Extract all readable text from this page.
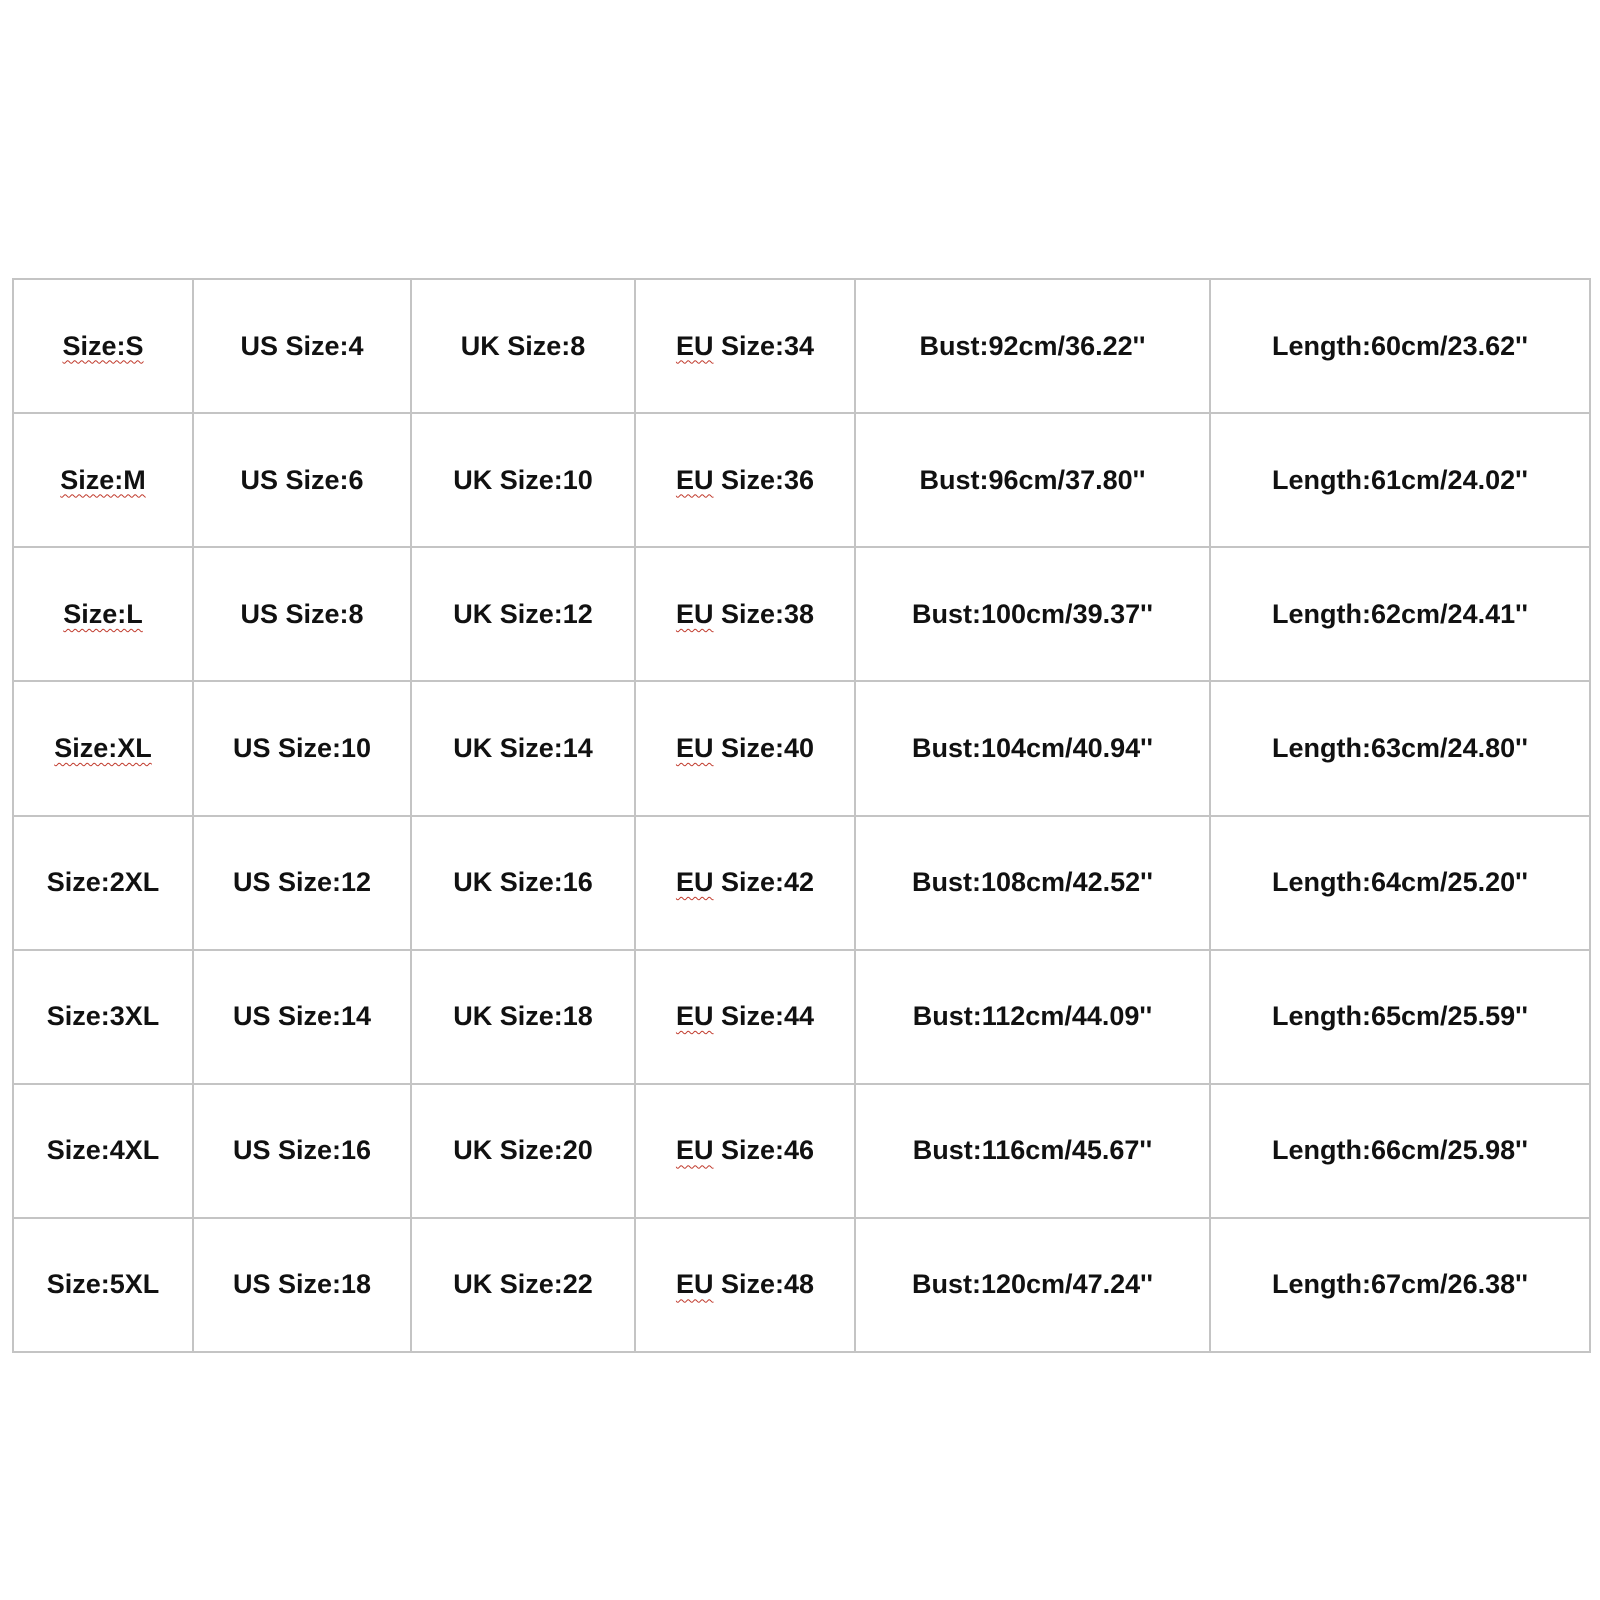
Size:S	US Size:4	UK Size:8	EU Size:34	Bust:92cm/36.22''	Length:60cm/23.62''
Size:M	US Size:6	UK Size:10	EU Size:36	Bust:96cm/37.80''	Length:61cm/24.02''
Size:L	US Size:8	UK Size:12	EU Size:38	Bust:100cm/39.37''	Length:62cm/24.41''
Size:XL	US Size:10	UK Size:14	EU Size:40	Bust:104cm/40.94''	Length:63cm/24.80''
Size:2XL	US Size:12	UK Size:16	EU Size:42	Bust:108cm/42.52''	Length:64cm/25.20''
Size:3XL	US Size:14	UK Size:18	EU Size:44	Bust:112cm/44.09''	Length:65cm/25.59''
Size:4XL	US Size:16	UK Size:20	EU Size:46	Bust:116cm/45.67''	Length:66cm/25.98''
Size:5XL	US Size:18	UK Size:22	EU Size:48	Bust:120cm/47.24''	Length:67cm/26.38''
